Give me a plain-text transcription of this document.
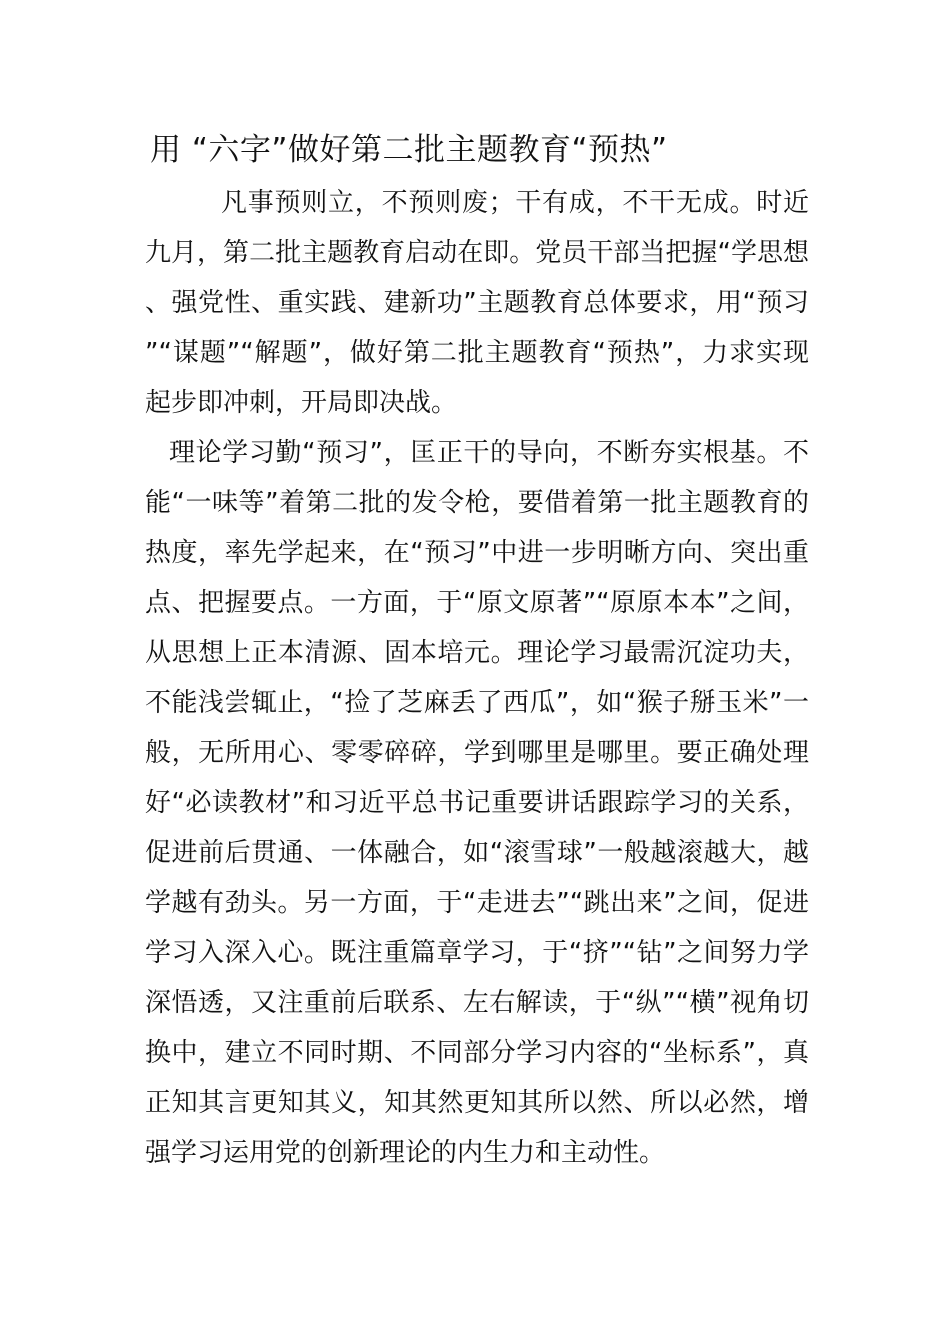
用 “六字”做好第二批主题教育“预热”

凡事预则立，不预则废；干有成，不干无成。时近九月，第二批主题教育启动在即。党员干部当把握“学思想、强党性、重实践、建新功”主题教育总体要求，用“预习”“谋题”“解题”，做好第二批主题教育“预热”，力求实现起步即冲刺，开局即决战。

理论学习勤“预习”，匡正干的导向，不断夯实根基。不能“一味等”着第二批的发令枪，要借着第一批主题教育的热度，率先学起来，在“预习”中进一步明晰方向、突出重点、把握要点。一方面，于“原文原著”“原原本本”之间，从思想上正本清源、固本培元。理论学习最需沉淀功夫，不能浅尝辄止，“捡了芝麻丢了西瓜”，如“猴子掰玉米”一般，无所用心、零零碎碎，学到哪里是哪里。要正确处理好“必读教材”和习近平总书记重要讲话跟踪学习的关系，促进前后贯通、一体融合，如“滚雪球”一般越滚越大，越学越有劲头。另一方面，于“走进去”“跳出来”之间，促进学习入深入心。既注重篇章学习，于“挤”“钻”之间努力学深悟透，又注重前后联系、左右解读，于“纵”“横”视角切换中，建立不同时期、不同部分学习内容的“坐标系”，真正知其言更知其义，知其然更知其所以然、所以必然，增强学习运用党的创新理论的内生力和主动性。
